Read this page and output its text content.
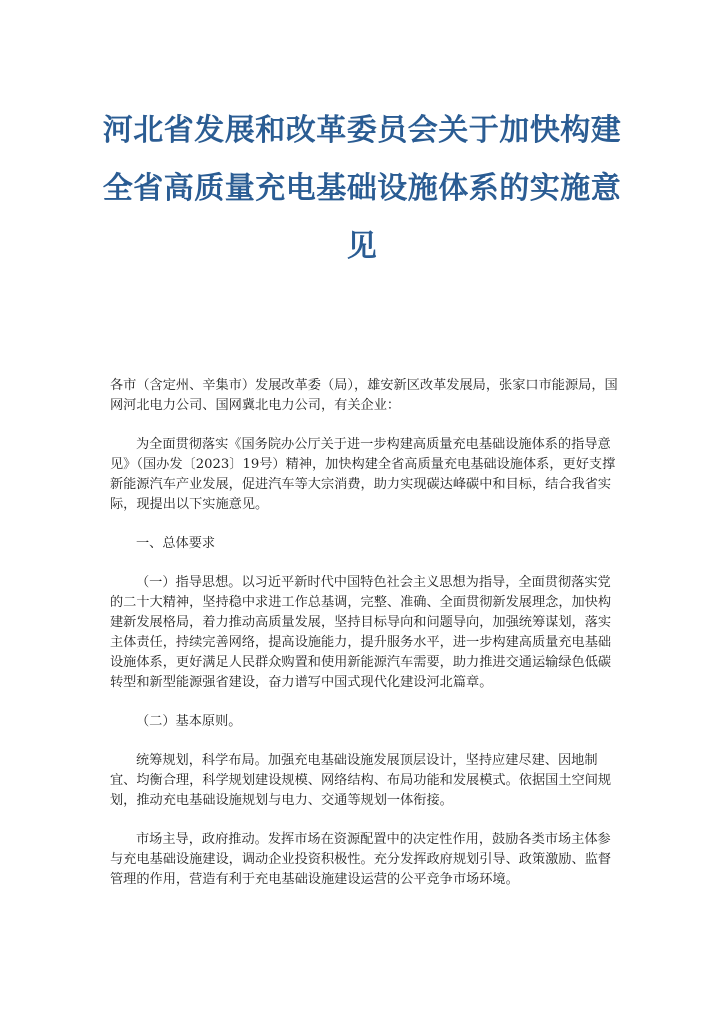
河北省发展和改革委员会关于加快构建全省高质量充电基础设施体系的实施意见

各市（含定州、辛集市）发展改革委（局），雄安新区改革发展局，张家口市能源局，国网河北电力公司、国网冀北电力公司，有关企业：

为全面贯彻落实《国务院办公厅关于进一步构建高质量充电基础设施体系的指导意见》（国办发〔2023〕19号）精神，加快构建全省高质量充电基础设施体系，更好支撑新能源汽车产业发展，促进汽车等大宗消费，助力实现碳达峰碳中和目标，结合我省实际，现提出以下实施意见。

一、总体要求

（一）指导思想。以习近平新时代中国特色社会主义思想为指导，全面贯彻落实党的二十大精神，坚持稳中求进工作总基调，完整、准确、全面贯彻新发展理念，加快构建新发展格局，着力推动高质量发展，坚持目标导向和问题导向，加强统筹谋划，落实主体责任，持续完善网络，提高设施能力，提升服务水平，进一步构建高质量充电基础设施体系，更好满足人民群众购置和使用新能源汽车需要，助力推进交通运输绿色低碳转型和新型能源强省建设，奋力谱写中国式现代化建设河北篇章。

（二）基本原则。

统筹规划，科学布局。加强充电基础设施发展顶层设计，坚持应建尽建、因地制宜、均衡合理，科学规划建设规模、网络结构、布局功能和发展模式。依据国土空间规划，推动充电基础设施规划与电力、交通等规划一体衔接。

市场主导，政府推动。发挥市场在资源配置中的决定性作用，鼓励各类市场主体参与充电基础设施建设，调动企业投资积极性。充分发挥政府规划引导、政策激励、监督管理的作用，营造有利于充电基础设施建设运营的公平竞争市场环境。
